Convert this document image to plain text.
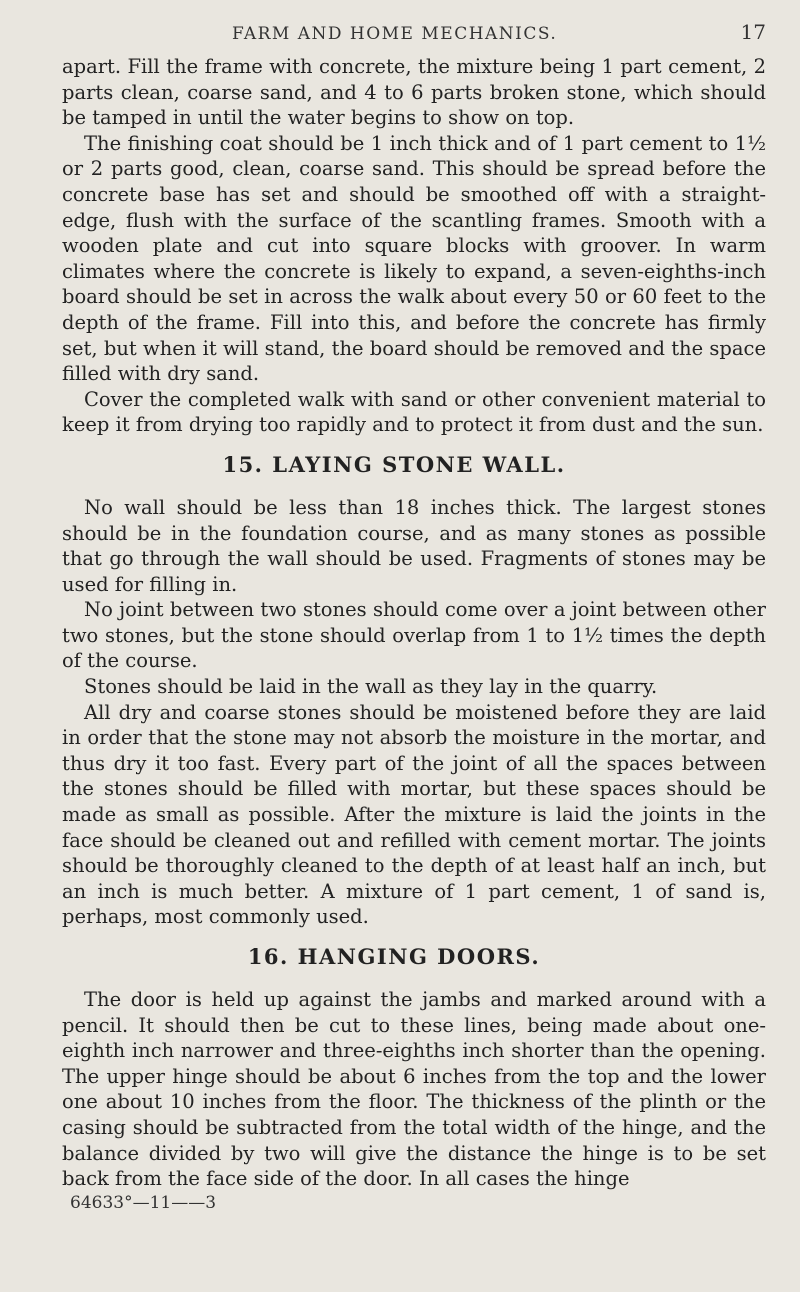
FARM AND HOME MECHANICS.	17

apart. Fill the frame with concrete, the mixture being 1 part cement, 2 parts clean, coarse sand, and 4 to 6 parts broken stone, which should be tamped in until the water begins to show on top.

The finishing coat should be 1 inch thick and of 1 part cement to 1½ or 2 parts good, clean, coarse sand. This should be spread before the concrete base has set and should be smoothed off with a straight-edge, flush with the surface of the scantling frames. Smooth with a wooden plate and cut into square blocks with groover. In warm climates where the concrete is likely to expand, a seven-eighths-inch board should be set in across the walk about every 50 or 60 feet to the depth of the frame. Fill into this, and before the concrete has firmly set, but when it will stand, the board should be removed and the space filled with dry sand.

Cover the completed walk with sand or other convenient material to keep it from drying too rapidly and to protect it from dust and the sun.

15. LAYING STONE WALL.

No wall should be less than 18 inches thick. The largest stones should be in the foundation course, and as many stones as possible that go through the wall should be used. Fragments of stones may be used for filling in.

No joint between two stones should come over a joint between other two stones, but the stone should overlap from 1 to 1½ times the depth of the course.

Stones should be laid in the wall as they lay in the quarry.

All dry and coarse stones should be moistened before they are laid in order that the stone may not absorb the moisture in the mortar, and thus dry it too fast. Every part of the joint of all the spaces between the stones should be filled with mortar, but these spaces should be made as small as possible. After the mixture is laid the joints in the face should be cleaned out and refilled with cement mortar. The joints should be thoroughly cleaned to the depth of at least half an inch, but an inch is much better. A mixture of 1 part cement, 1 of sand is, perhaps, most commonly used.

16. HANGING DOORS.

The door is held up against the jambs and marked around with a pencil. It should then be cut to these lines, being made about one-eighth inch narrower and three-eighths inch shorter than the opening. The upper hinge should be about 6 inches from the top and the lower one about 10 inches from the floor. The thickness of the plinth or the casing should be subtracted from the total width of the hinge, and the balance divided by two will give the distance the hinge is to be set back from the face side of the door. In all cases the hinge

64633°—11——3
